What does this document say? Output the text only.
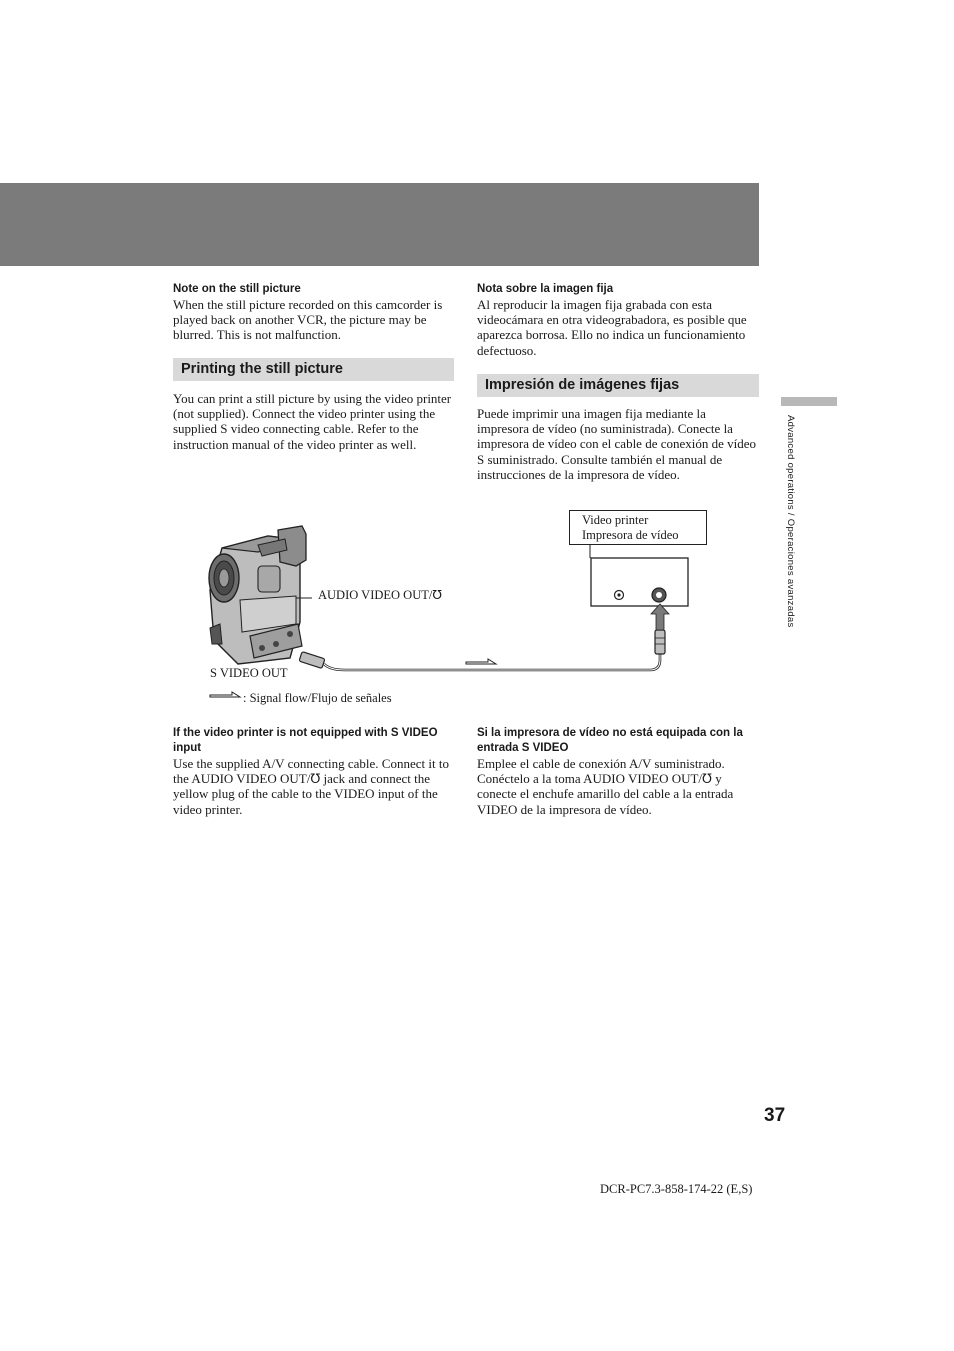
Note on the still picture

When the still picture recorded on this camcorder is played back on another VCR, the picture may be blurred. This is not malfunction.

Printing the still picture
You can print a still picture by using the video printer (not supplied). Connect the video printer using the supplied S video connecting cable. Refer to the instruction manual of the video printer as well.

If the video printer is not equipped with S VIDEO input

Use the supplied A/V connecting cable. Connect it to the AUDIO VIDEO OUT/℧ jack and connect the yellow plug of the cable to the VIDEO input of the video printer.

Nota sobre la imagen fija

Al reproducir la imagen fija grabada con esta videocámara en otra videograbadora, es posible que aparezca borrosa. Ello no indica un funcionamiento defectuoso.

Impresión de imágenes fijas
Puede imprimir una imagen fija mediante la impresora de vídeo (no suministrada). Conecte la impresora de vídeo con el cable de conexión de vídeo S suministrado. Consulte también el manual de instrucciones de la impresora de vídeo.

Si la impresora de vídeo no está equipada con la entrada S VIDEO

Emplee el cable de conexión A/V suministrado. Conéctelo a la toma AUDIO VIDEO OUT/℧ y conecte el enchufe amarillo del cable a la entrada VIDEO de la impresora de vídeo.

Advanced operations / Operaciones avanzadas
Video printer
Impresora de vídeo
AUDIO VIDEO OUT/℧
S VIDEO OUT
: Signal flow/Flujo de señales
37
DCR-PC7.3-858-174-22 (E,S)
